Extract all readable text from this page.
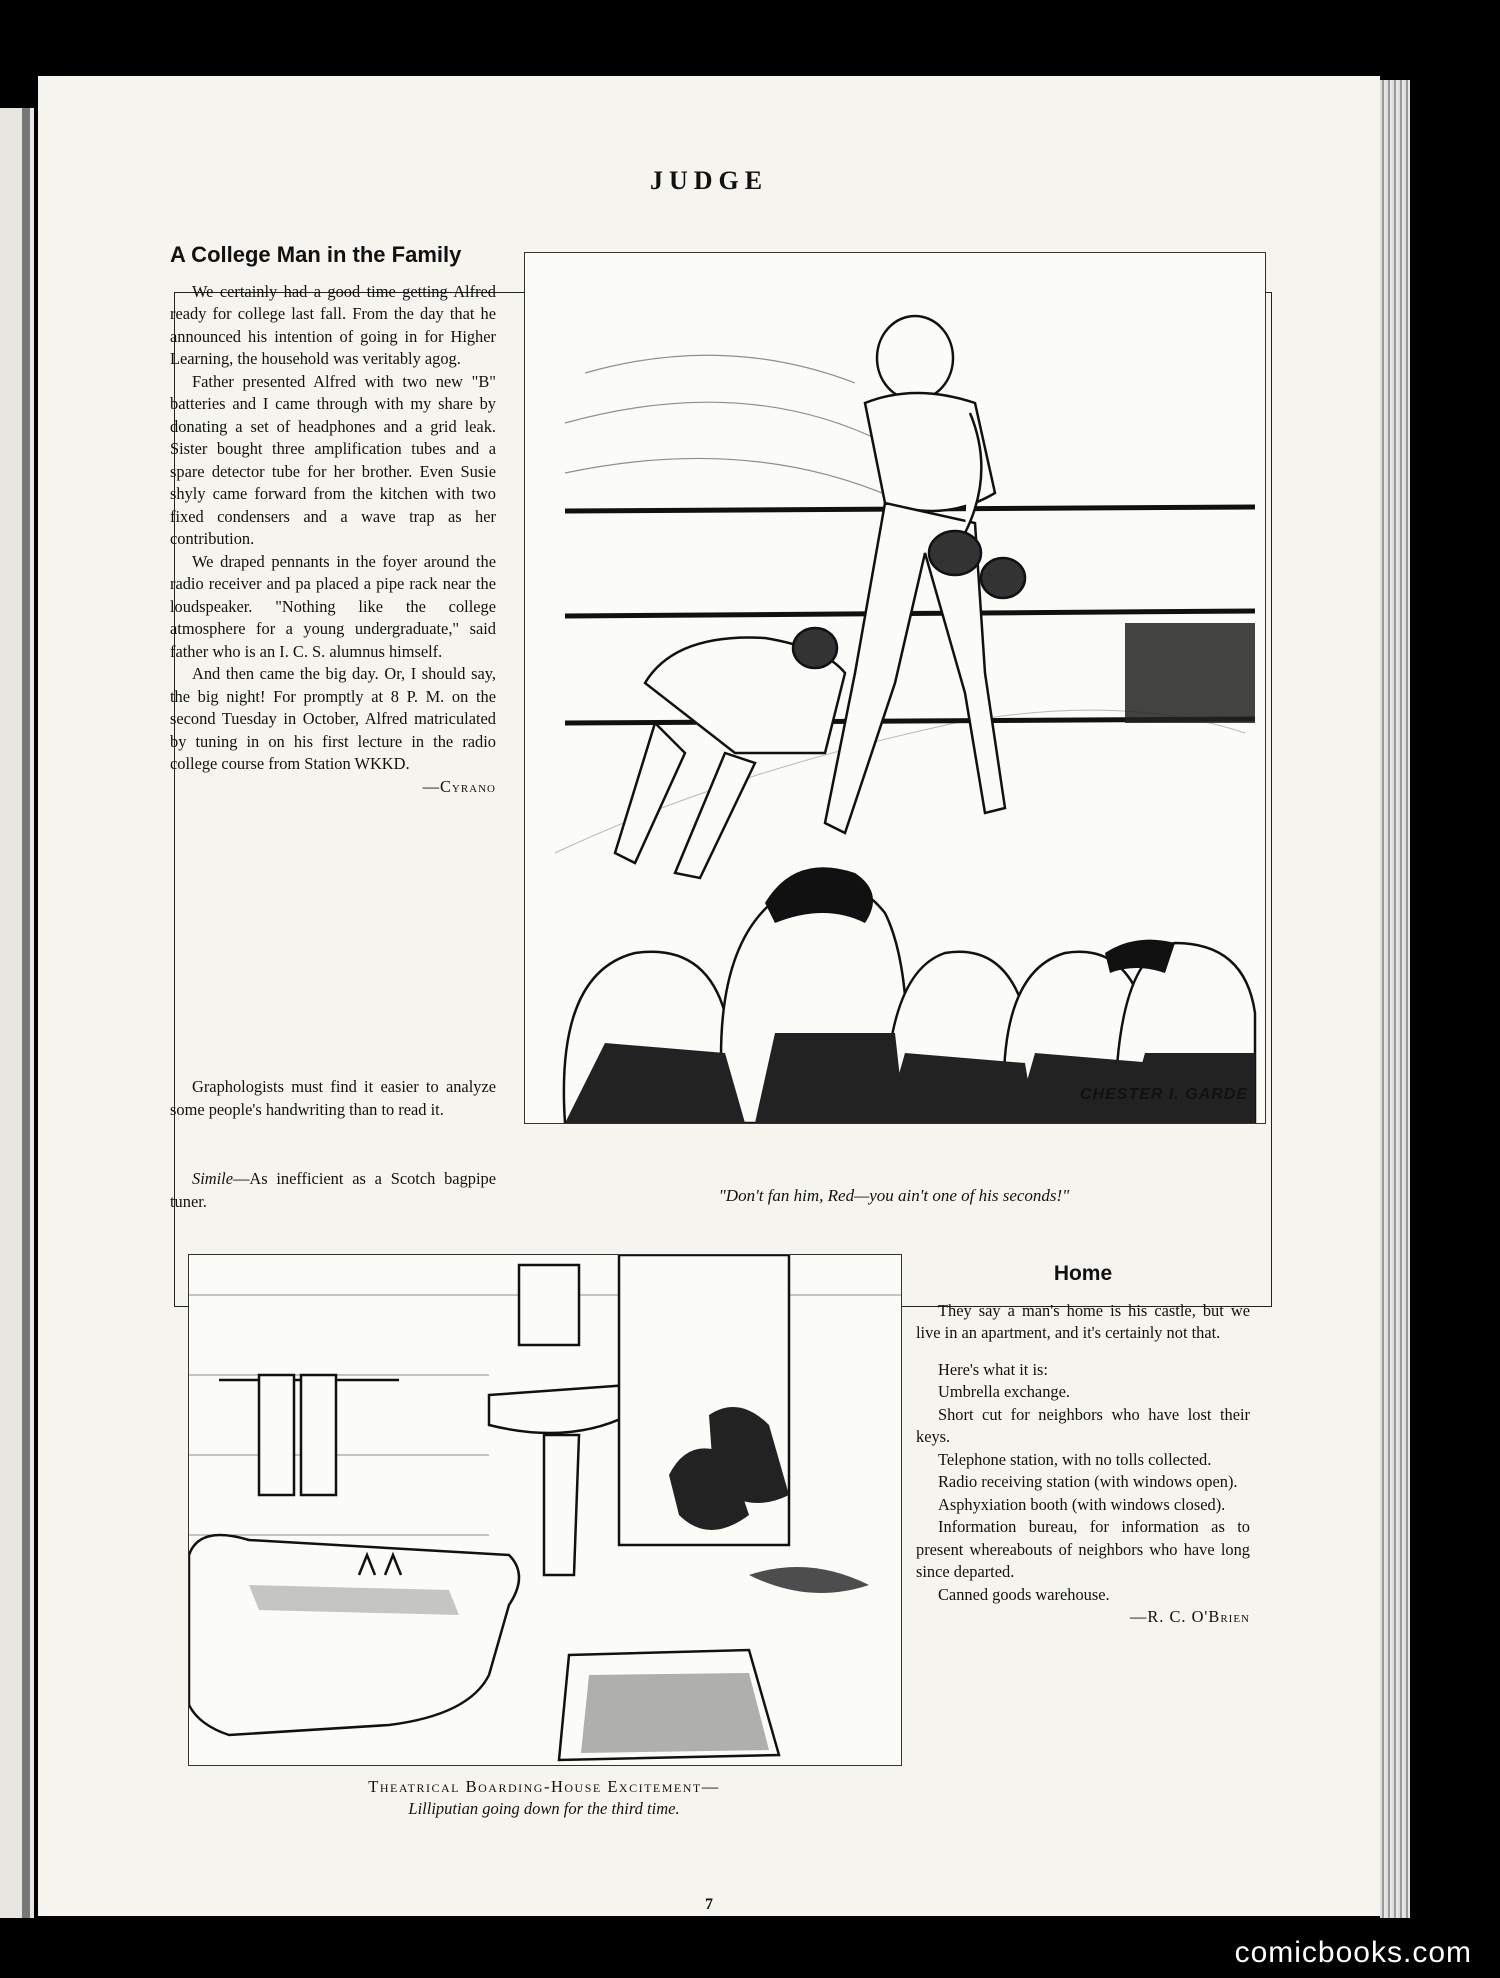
JUDGE
A College Man in the Family

We certainly had a good time getting Alfred ready for college last fall. From the day that he announced his intention of going in for Higher Learning, the household was veritably agog.

Father presented Alfred with two new "B" batteries and I came through with my share by donating a set of headphones and a grid leak. Sister bought three amplification tubes and a spare detector tube for her brother. Even Susie shyly came forward from the kitchen with two fixed condensers and a wave trap as her contribution.

We draped pennants in the foyer around the radio receiver and pa placed a pipe rack near the loudspeaker. "Nothing like the college atmosphere for a young undergraduate," said father who is an I. C. S. alumnus himself.

And then came the big day. Or, I should say, the big night! For promptly at 8 P. M. on the second Tuesday in October, Alfred matriculated by tuning in on his first lecture in the radio college course from Station WKKD.

—Cyrano

Graphologists must find it easier to analyze some people's handwriting than to read it.

Simile—As inefficient as a Scotch bagpipe tuner.

CHESTER I. GARDE
"Don't fan him, Red—you ain't one of his seconds!"
Theatrical Boarding-House Excitement—
Lilliputian going down for the third time.
Home

They say a man's home is his castle, but we live in an apartment, and it's certainly not that.

Here's what it is:

Umbrella exchange.

Short cut for neighbors who have lost their keys.

Telephone station, with no tolls collected.

Radio receiving station (with windows open).

Asphyxiation booth (with windows closed).

Information bureau, for information as to present whereabouts of neighbors who have long since departed.

Canned goods warehouse.

—R. C. O'Brien
7
comicbooks.com
